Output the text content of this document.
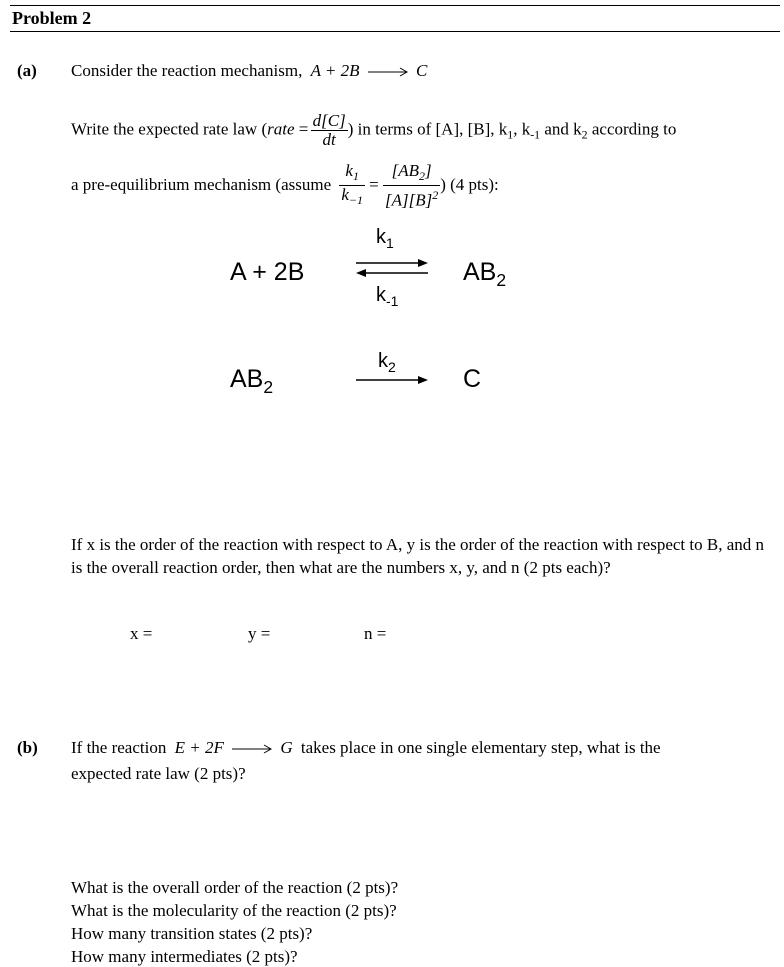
Problem 2
(a) Consider the reaction mechanism, A + 2B → C
Write the expected rate law (rate = $\frac{d[C]}{dt}$ ) in terms of [A], [B], $k_1$, $k_{-1}$ and $k_2$ according to
a pre-equilibrium mechanism (assume $\frac{k_1}{k_{-1}} = \frac{[AB_2]}{[A][B]^2}$ ) (4 pts):
A + 2B
$k_1$
$k_{-1}$
$AB_2$
$AB_2$
$k_2$	C
If x is the order of the reaction with respect to A, y is the order of the reaction with respect to B, and n is the overall reaction order, then what are the numbers x, y, and n (2 pts each)?
x =	y =	n =
(b) If the reaction E + 2F → G takes place in one single elementary step, what is the
expected rate law (2 pts)?
What is the overall order of the reaction (2 pts)?
What is the molecularity of the reaction (2 pts)?
How many transition states (2 pts)?
How many intermediates (2 pts)?
